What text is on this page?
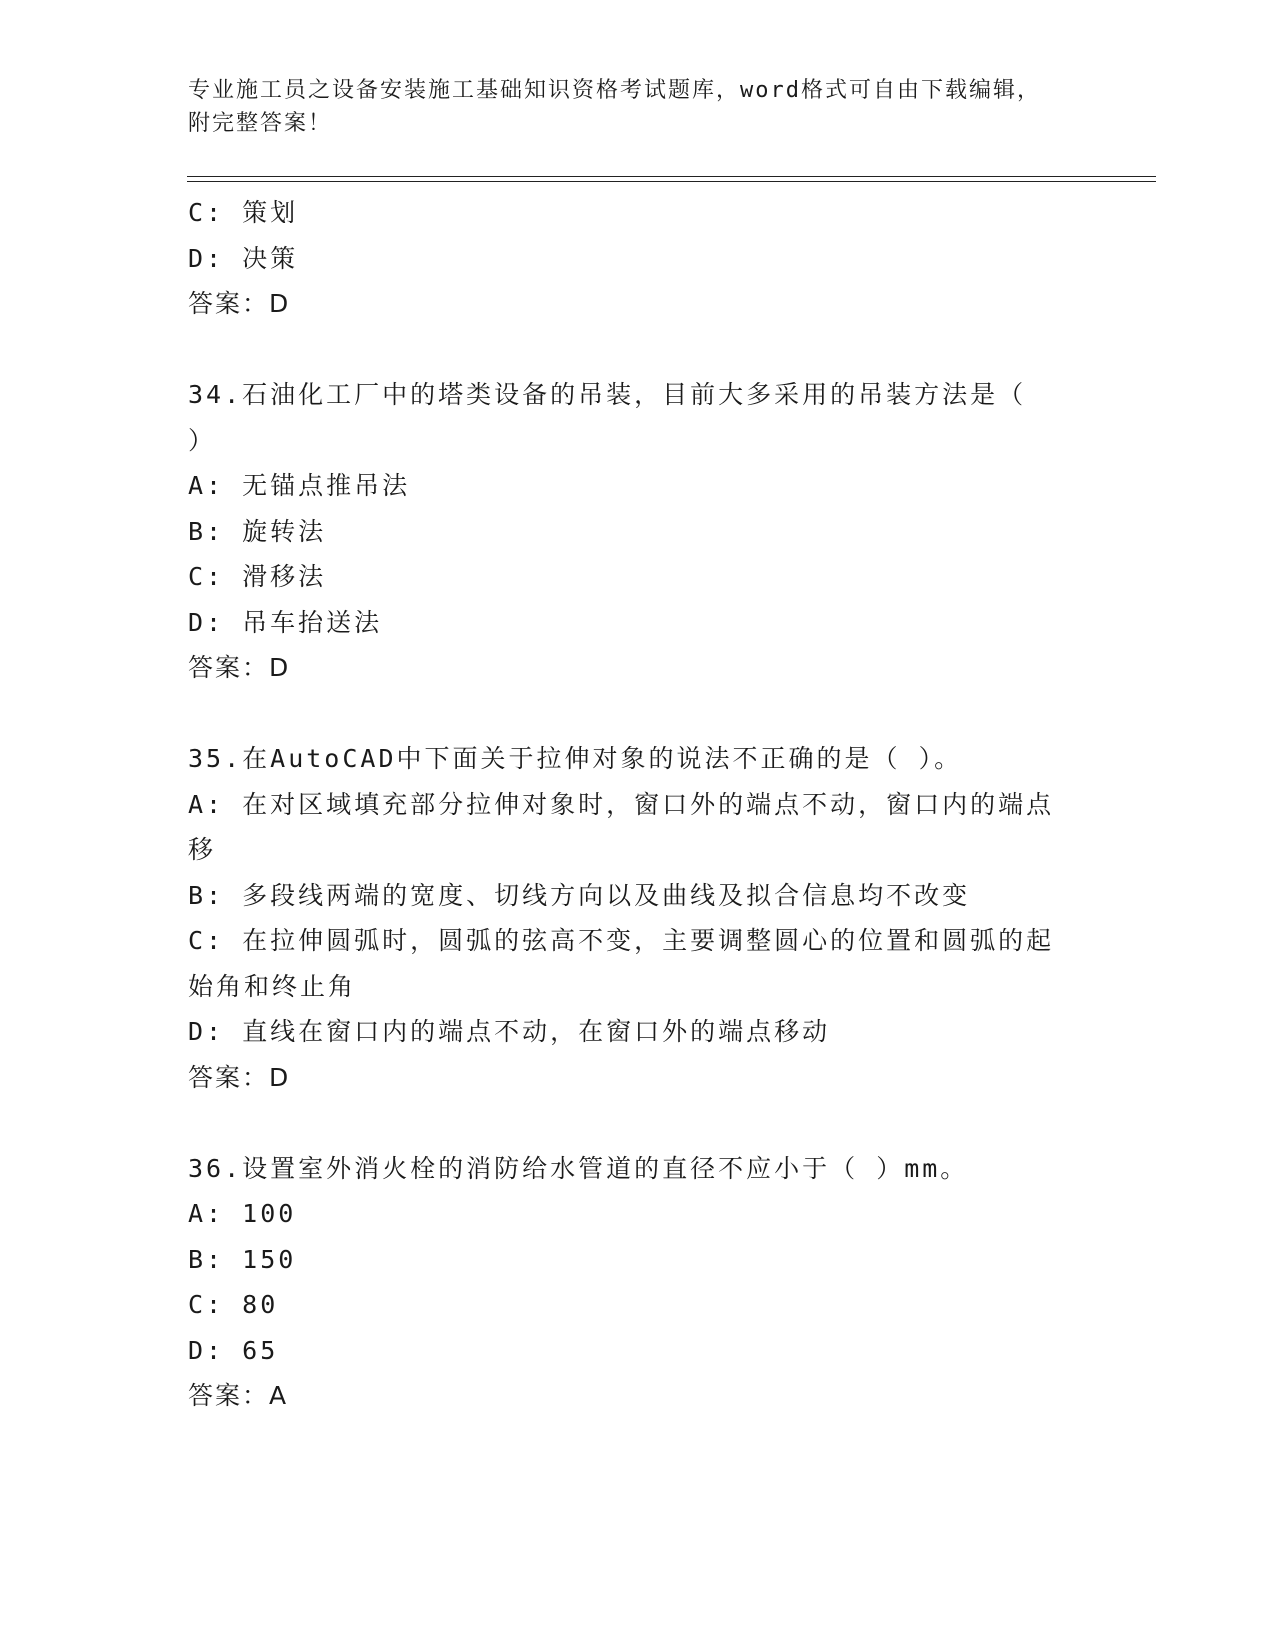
专业施工员之设备安装施工基础知识资格考试题库，word格式可自由下载编辑，
附完整答案！
C: 策划
D: 决策
答案：D
34.石油化工厂中的塔类设备的吊装，目前大多采用的吊装方法是（
）
A: 无锚点推吊法
B: 旋转法
C: 滑移法
D: 吊车抬送法
答案：D
35.在AutoCAD中下面关于拉伸对象的说法不正确的是（ ）。
A: 在对区域填充部分拉伸对象时，窗口外的端点不动，窗口内的端点
移
B: 多段线两端的宽度、切线方向以及曲线及拟合信息均不改变
C: 在拉伸圆弧时，圆弧的弦高不变，主要调整圆心的位置和圆弧的起
始角和终止角
D: 直线在窗口内的端点不动，在窗口外的端点移动
答案：D
36.设置室外消火栓的消防给水管道的直径不应小于（ ）mm。
A: 100
B: 150
C: 80
D: 65
答案：A
